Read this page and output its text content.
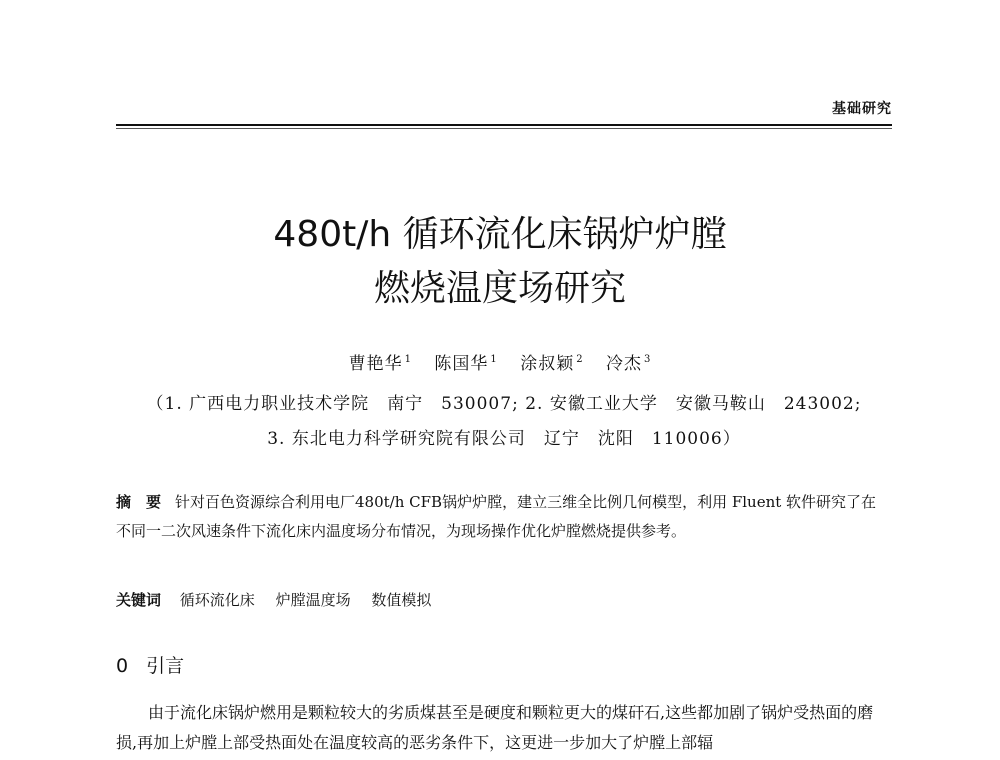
基础研究
480t/h 循环流化床锅炉炉膛
燃烧温度场研究
曹艳华 $^1$ 陈国华 $^1$ 涂叔颖 $^2$ 冷杰 $^3$
（1. 广西电力职业技术学院　南宁　530007; 2. 安徽工业大学　安徽马鞍山　243002;
3. 东北电力科学研究院有限公司　辽宁　沈阳　110006）
摘　要 针对百色资源综合利用电厂480t/h CFB锅炉炉膛，建立三维全比例几何模型，利用 Fluent 软件研究了在不同一二次风速条件下流化床内温度场分布情况，为现场操作优化炉膛燃烧提供参考。
关键词 循环流化床 炉膛温度场 数值模拟
0 引言
由于流化床锅炉燃用是颗粒较大的劣质煤甚至是硬度和颗粒更大的煤矸石,这些都加剧了锅炉受热面的磨损,再加上炉膛上部受热面处在温度较高的恶劣条件下，这更进一步加大了炉膛上部辐
